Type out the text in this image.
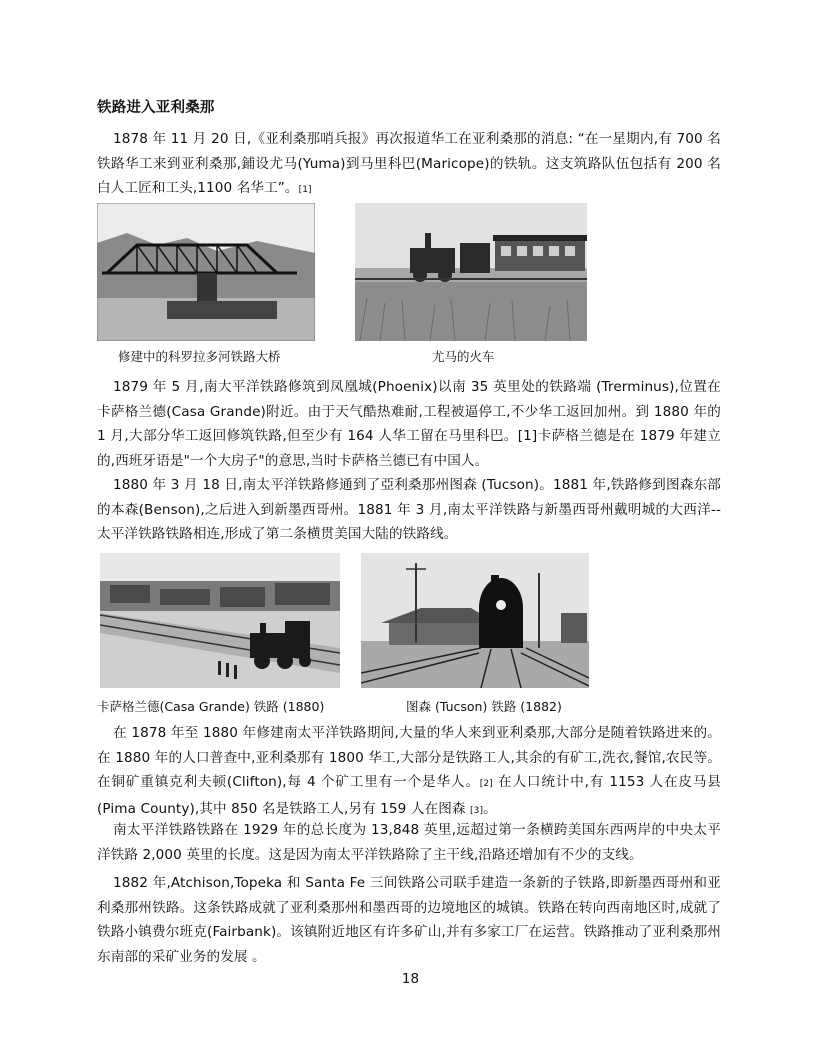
铁路进入亚利桑那

1878 年 11 月 20 日,《亚利桑那哨兵报》再次报道华工在亚利桑那的消息: “在一星期内,有 700 名铁路华工来到亚利桑那,鋪设尤马(Yuma)到马里科巴(Maricope)的铁轨。这支筑路队伍包括有 200 名白人工匠和工头,1100 名华工”。[1]

修建中的科罗拉多河铁路大桥	尤马的火车

1879 年 5 月,南大平洋铁路修筑到凤凰城(Phoenix)以南 35 英里处的铁路端 (Trerminus),位置在卡萨格兰德(Casa Grande)附近。由于天气酷热难耐,工程被逼停工,不少华工返回加州。到 1880 年的 1 月,大部分华工返回修筑铁路,但至少有 164 人华工留在马里科巴。[1]卡萨格兰德是在 1879 年建立的,西班牙语是"一个大房子"的意思,当时卡萨格兰德已有中国人。

1880 年 3 月 18 日,南太平洋铁路修通到了亞利桑那州图森 (Tucson)。1881 年,铁路修到图森东部的本森(Benson),之后进入到新墨西哥州。1881 年 3 月,南太平洋铁路与新墨西哥州戴明城的大西洋--太平洋铁路铁路相连,形成了第二条横贯美国大陆的铁路线。

卡萨格兰德(Casa Grande) 铁路 (1880)	图森 (Tucson) 铁路 (1882)

在 1878 年至 1880 年修建南太平洋铁路期间,大量的华人来到亚利桑那,大部分是随着铁路进来的。在 1880 年的人口普查中,亚利桑那有 1800 华工,大部分是铁路工人,其余的有矿工,洗衣,餐馆,农民等。在铜矿重镇克利夫顿(Clifton),每 4 个矿工里有一个是华人。[2] 在人口统计中,有 1153 人在皮马县(Pima County),其中 850 名是铁路工人,另有 159 人在图森 [3]。

南太平洋铁路铁路在 1929 年的总长度为 13,848 英里,远超过第一条横跨美国东西两岸的中央太平洋铁路 2,000 英里的长度。这是因为南太平洋铁路除了主干线,沿路还增加有不少的支线。

1882 年,Atchison,Topeka 和 Santa Fe 三间铁路公司联手建造一条新的子铁路,即新墨西哥州和亚利桑那州铁路。这条铁路成就了亚利桑那州和墨西哥的边境地区的城镇。铁路在转向西南地区时,成就了铁路小镇费尔班克(Fairbank)。该镇附近地区有许多矿山,并有多家工厂在运营。铁路推动了亚利桑那州东南部的采矿业务的发展 。

18
